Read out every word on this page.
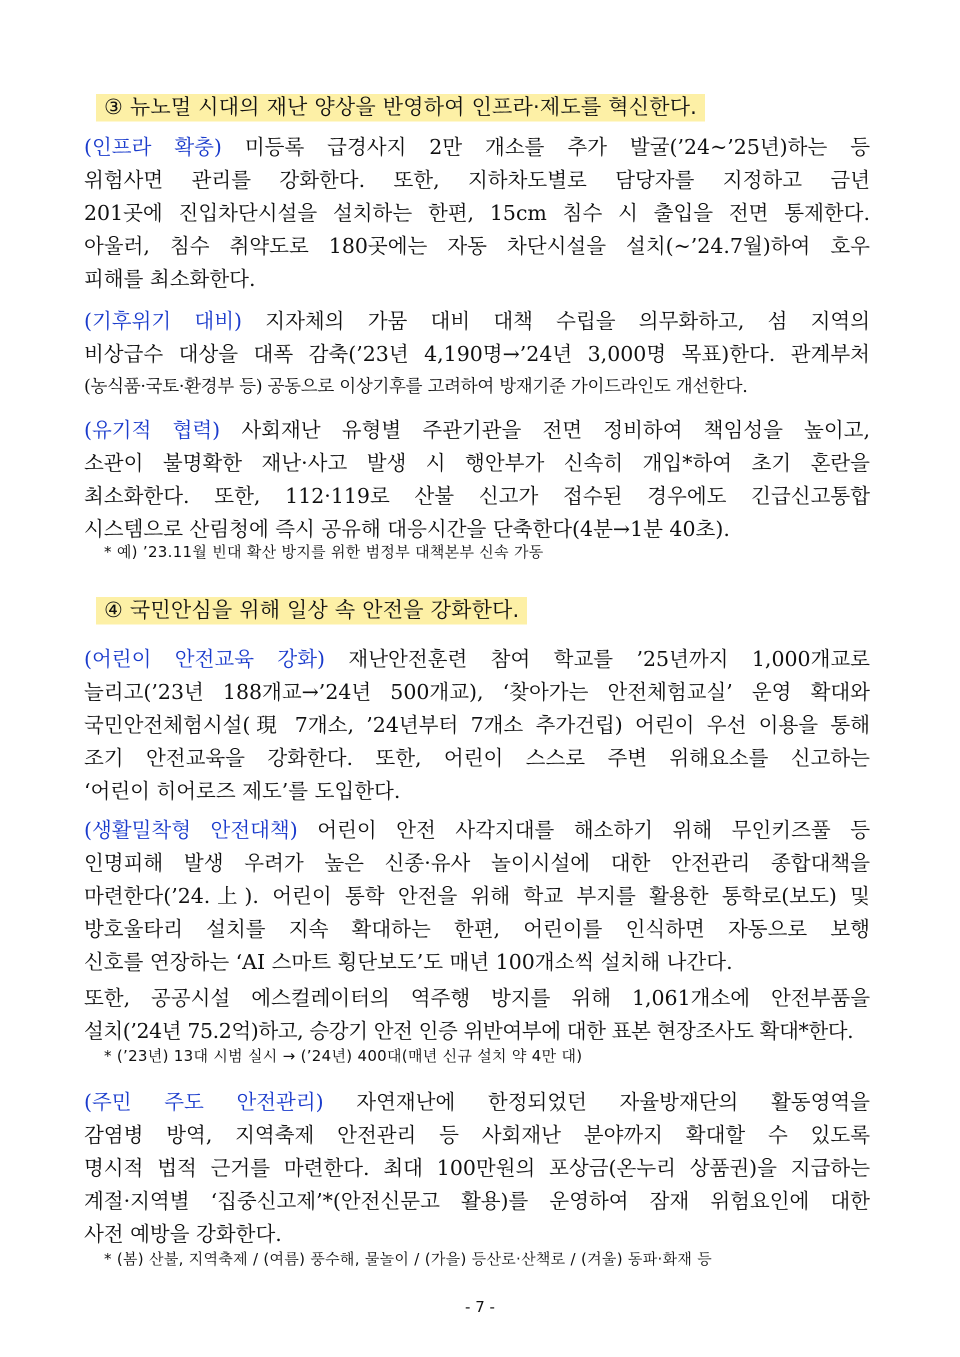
③ 뉴노멀 시대의 재난 양상을 반영하여 인프라·제도를 혁신한다.
(인프라 확충) 미등록 급경사지 2만 개소를 추가 발굴(’24~’25년)하는 등
위험사면 관리를 강화한다. 또한, 지하차도별로 담당자를 지정하고 금년
201곳에 진입차단시설을 설치하는 한편, 15cm 침수 시 출입을 전면 통제한다.
아울러, 침수 취약도로 180곳에는 자동 차단시설을 설치(~’24.7월)하여 호우
피해를 최소화한다.
(기후위기 대비) 지자체의 가뭄 대비 대책 수립을 의무화하고, 섬 지역의
비상급수 대상을 대폭 감축(’23년 4,190명→’24년 3,000명 목표)한다. 관계부처
(농식품·국토·환경부 등) 공동으로 이상기후를 고려하여 방재기준 가이드라인도 개선한다.
(유기적 협력) 사회재난 유형별 주관기관을 전면 정비하여 책임성을 높이고,
소관이 불명확한 재난·사고 발생 시 행안부가 신속히 개입*하여 초기 혼란을
최소화한다. 또한, 112·119로 산불 신고가 접수된 경우에도 긴급신고통합
시스템으로 산림청에 즉시 공유해 대응시간을 단축한다(4분→1분 40초).
* 예) ’23.11월 빈대 확산 방지를 위한 범정부 대책본부 신속 가동
④ 국민안심을 위해 일상 속 안전을 강화한다.
(어린이 안전교육 강화) 재난안전훈련 참여 학교를 ’25년까지 1,000개교로
늘리고(’23년 188개교→’24년 500개교), ‘찾아가는 안전체험교실’ 운영 확대와
국민안전체험시설(現 7개소, ’24년부터 7개소 추가건립) 어린이 우선 이용을 통해
조기 안전교육을 강화한다. 또한, 어린이 스스로 주변 위해요소를 신고하는
‘어린이 히어로즈 제도’를 도입한다.
(생활밀착형 안전대책) 어린이 안전 사각지대를 해소하기 위해 무인키즈풀 등
인명피해 발생 우려가 높은 신종·유사 놀이시설에 대한 안전관리 종합대책을
마련한다(’24.上). 어린이 통학 안전을 위해 학교 부지를 활용한 통학로(보도) 및
방호울타리 설치를 지속 확대하는 한편, 어린이를 인식하면 자동으로 보행
신호를 연장하는 ‘AI 스마트 횡단보도’도 매년 100개소씩 설치해 나간다.
또한, 공공시설 에스컬레이터의 역주행 방지를 위해 1,061개소에 안전부품을
설치(’24년 75.2억)하고, 승강기 안전 인증 위반여부에 대한 표본 현장조사도 확대*한다.
* (’23년) 13대 시범 실시 → (’24년) 400대(매년 신규 설치 약 4만 대)
(주민 주도 안전관리) 자연재난에 한정되었던 자율방재단의 활동영역을
감염병 방역, 지역축제 안전관리 등 사회재난 분야까지 확대할 수 있도록
명시적 법적 근거를 마련한다. 최대 100만원의 포상금(온누리 상품권)을 지급하는
계절·지역별 ‘집중신고제’*(안전신문고 활용)를 운영하여 잠재 위험요인에 대한
사전 예방을 강화한다.
* (봄) 산불, 지역축제 / (여름) 풍수해, 물놀이 / (가을) 등산로·산책로 / (겨울) 동파·화재 등
- 7 -
